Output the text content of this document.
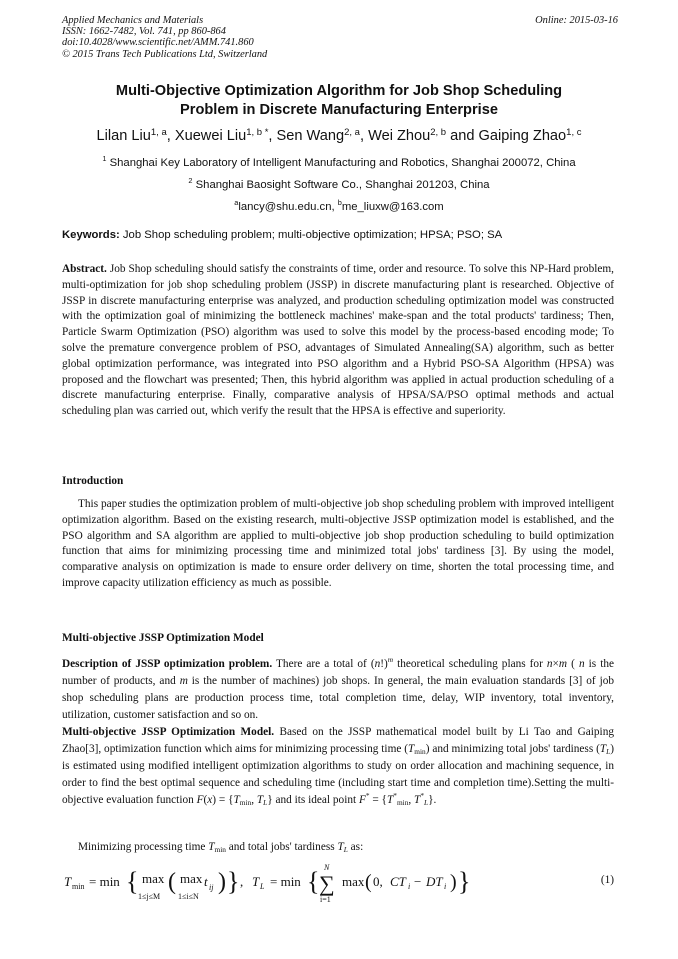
Applied Mechanics and Materials
ISSN: 1662-7482, Vol. 741, pp 860-864
doi:10.4028/www.scientific.net/AMM.741.860
© 2015 Trans Tech Publications Ltd, Switzerland
Online: 2015-03-16
Multi-Objective Optimization Algorithm for Job Shop Scheduling
Problem in Discrete Manufacturing Enterprise
Lilan Liu$^{1, a}$, Xuewei Liu$^{1, b *}$, Sen Wang$^{2, a}$, Wei Zhou$^{2, b}$ and Gaiping Zhao$^{1, c}$
$^1$ Shanghai Key Laboratory of Intelligent Manufacturing and Robotics, Shanghai 200072, China
$^2$ Shanghai Baosight Software Co., Shanghai 201203, China
$^a$lancy@shu.edu.cn, $^b$me_liuxw@163.com
Keywords: Job Shop scheduling problem; multi-objective optimization; HPSA; PSO; SA
Abstract. Job Shop scheduling should satisfy the constraints of time, order and resource. To solve this NP-Hard problem, multi-optimization for job shop scheduling problem (JSSP) in discrete manufacturing plant is researched. Objective of JSSP in discrete manufacturing enterprise was analyzed, and production scheduling optimization model was constructed with the optimization goal of minimizing the bottleneck machines' make-span and the total products' tardiness; Then, Particle Swarm Optimization (PSO) algorithm was used to solve this model by the process-based encoding mode; To solve the premature convergence problem of PSO, advantages of Simulated Annealing(SA) algorithm, such as better global optimization performance, was integrated into PSO algorithm and a Hybrid PSO-SA Algorithm (HPSA) was proposed and the flowchart was presented; Then, this hybrid algorithm was applied in actual production scheduling of a discrete manufacturing enterprise. Finally, comparative analysis of HPSA/SA/PSO optimal methods and actual scheduling plan was carried out, which verify the result that the HPSA is effective and superiority.
Introduction
This paper studies the optimization problem of multi-objective job shop scheduling problem with improved intelligent optimization algorithm. Based on the existing research, multi-objective JSSP optimization model is established, and the PSO algorithm and SA algorithm are applied to multi-objective job shop production scheduling to build optimization function that aims for minimizing processing time and minimized total jobs' tardiness [3]. By using the model, comparative analysis on optimization is made to ensure order delivery on time, shorten the total processing time, and improve capacity utilization efficiency as much as possible.
Multi-objective JSSP Optimization Model
Description of JSSP optimization problem. There are a total of $(n!)^m$ theoretical scheduling plans for n×m ( n is the number of products, and m is the number of machines) job shops. In general, the main evaluation standards [3] of job shop scheduling plans are production process time, total completion time, delay, WIP inventory, total inventory, utilization, customer satisfaction and so on.
Multi-objective JSSP Optimization Model. Based on the JSSP mathematical model built by Li Tao and Gaiping Zhao[3], optimization function which aims for minimizing processing time $(T_{min})$ and minimizing total jobs' tardiness $(T_L)$ is estimated using modified intelligent optimization algorithms to study on order allocation and machining sequence, in order to find the best optimal sequence and scheduling time (including start time and completion time).Setting the multi- objective evaluation function $F(x) = \{T_{min}$, $T_L$} and its ideal point $F^* = \{T^*_{min}$, $T^*_L$}.
Minimizing processing time $T_{min}$ and total jobs' tardiness $T_L$ as:
T min = min { max
1≤j≤M
( max
1≤i≤N
t ij ) } , T L = min { N
∑
i=1
max ( 0, CT i − DT i ) }	(1)
